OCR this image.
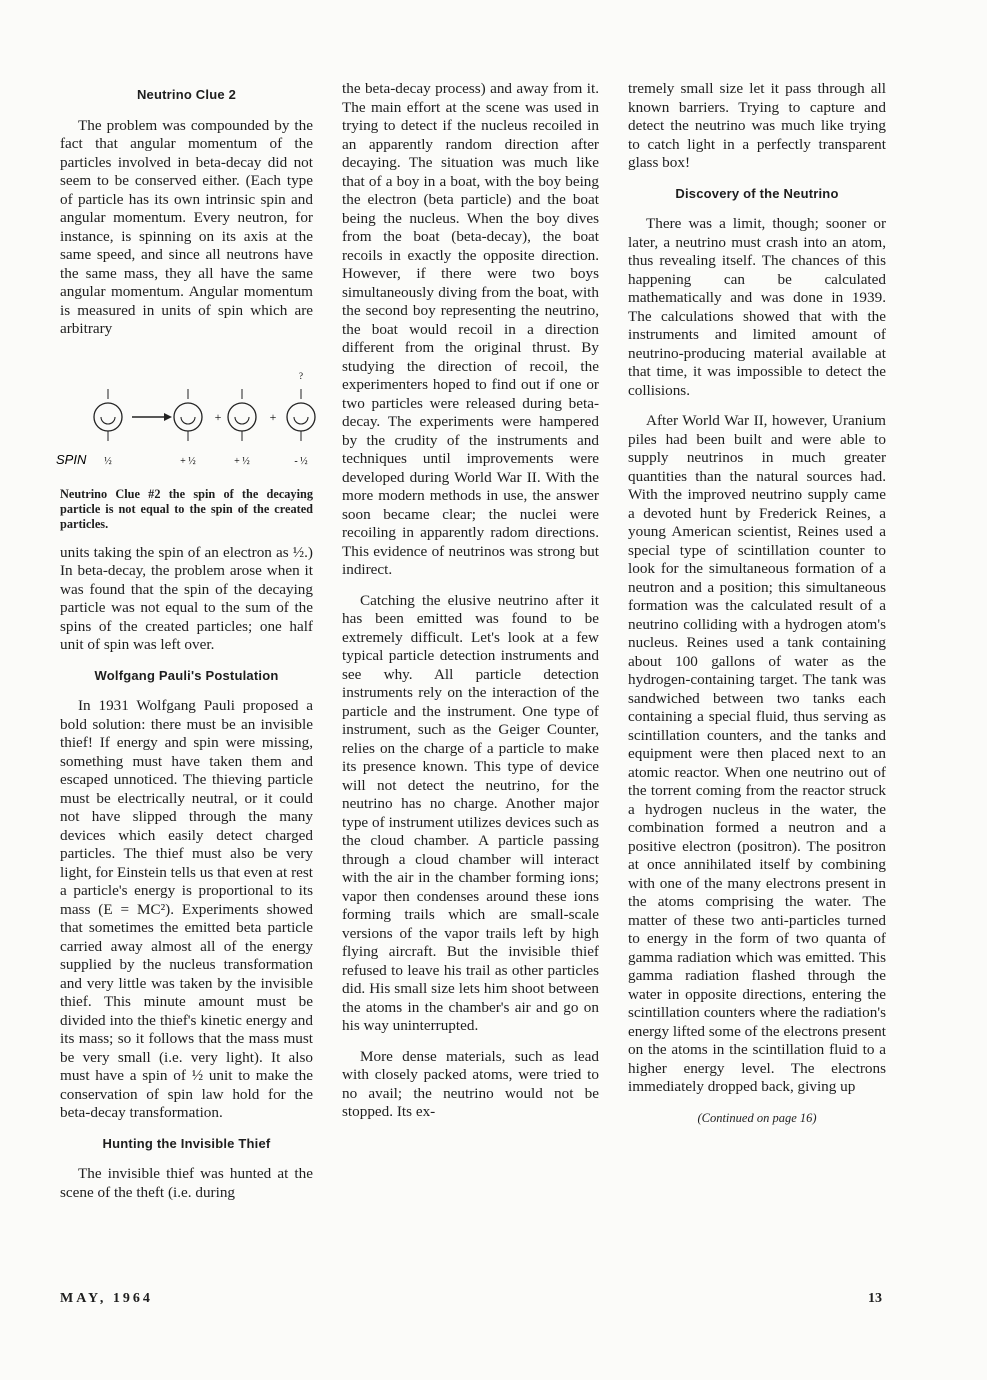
Neutrino Clue 2

The problem was compounded by the fact that angular momentum of the particles involved in beta-decay did not seem to be conserved either. (Each type of particle has its own intrinsic spin and angular momentum. Every neutron, for instance, is spinning on its axis at the same speed, and since all neutrons have the same mass, they all have the same angular momentum. Angular momentum is measured in units of spin which are arbitrary

+	+
?
SPIN ½	+ ½	+ ½	- ½

Neutrino Clue #2 the spin of the decaying particle is not equal to the spin of the created particles.

units taking the spin of an electron as ½.) In beta-decay, the problem arose when it was found that the spin of the decaying particle was not equal to the sum of the spins of the created particles; one half unit of spin was left over.

Wolfgang Pauli's Postulation

In 1931 Wolfgang Pauli proposed a bold solution: there must be an invisible thief! If energy and spin were missing, something must have taken them and escaped unnoticed. The thieving particle must be electrically neutral, or it could not have slipped through the many devices which easily detect charged particles. The thief must also be very light, for Einstein tells us that even at rest a particle's energy is proportional to its mass (E = MC²). Experiments showed that sometimes the emitted beta particle carried away almost all of the energy supplied by the nucleus transformation and very little was taken by the invisible thief. This minute amount must be divided into the thief's kinetic energy and its mass; so it follows that the mass must be very small (i.e. very light). It also must have a spin of ½ unit to make the conservation of spin law hold for the beta-decay transformation.

Hunting the Invisible Thief

The invisible thief was hunted at the scene of the theft (i.e. during

the beta-decay process) and away from it. The main effort at the scene was used in trying to detect if the nucleus recoiled in an apparently random direction after decaying. The situation was much like that of a boy in a boat, with the boy being the electron (beta particle) and the boat being the nucleus. When the boy dives from the boat (beta-decay), the boat recoils in exactly the opposite direction. However, if there were two boys simultaneously diving from the boat, with the second boy representing the neutrino, the boat would recoil in a direction different from the original thrust. By studying the direction of recoil, the experimenters hoped to find out if one or two particles were released during beta-decay. The experiments were hampered by the crudity of the instruments and techniques until improvements were developed during World War II. With the more modern methods in use, the answer soon became clear; the nuclei were recoiling in apparently radom directions. This evidence of neutrinos was strong but indirect.

Catching the elusive neutrino after it has been emitted was found to be extremely difficult. Let's look at a few typical particle detection instruments and see why. All particle detection instruments rely on the interaction of the particle and the instrument. One type of instrument, such as the Geiger Counter, relies on the charge of a particle to make its presence known. This type of device will not detect the neutrino, for the neutrino has no charge. Another major type of instrument utilizes devices such as the cloud chamber. A particle passing through a cloud chamber will interact with the air in the chamber forming ions; vapor then condenses around these ions forming trails which are small-scale versions of the vapor trails left by high flying aircraft. But the invisible thief refused to leave his trail as other particles did. His small size lets him shoot between the atoms in the chamber's air and go on his way uninterrupted.

More dense materials, such as lead with closely packed atoms, were tried to no avail; the neutrino would not be stopped. Its ex-

tremely small size let it pass through all known barriers. Trying to capture and detect the neutrino was much like trying to catch light in a perfectly transparent glass box!

Discovery of the Neutrino

There was a limit, though; sooner or later, a neutrino must crash into an atom, thus revealing itself. The chances of this happening can be calculated mathematically and was done in 1939. The calculations showed that with the instruments and limited amount of neutrino-producing material available at that time, it was impossible to detect the collisions.

After World War II, however, Uranium piles had been built and were able to supply neutrinos in much greater quantities than the natural sources had. With the improved neutrino supply came a devoted hunt by Frederick Reines, a young American scientist, Reines used a special type of scintillation counter to look for the simultaneous formation of a neutron and a position; this simultaneous formation was the calculated result of a neutrino colliding with a hydrogen atom's nucleus. Reines used a tank containing about 100 gallons of water as the hydrogen-containing target. The tank was sandwiched between two tanks each containing a special fluid, thus serving as scintillation counters, and the tanks and equipment were then placed next to an atomic reactor. When one neutrino out of the torrent coming from the reactor struck a hydrogen nucleus in the water, the combination formed a neutron and a positive electron (positron). The positron at once annihilated itself by combining with one of the many electrons present in the atoms comprising the water. The matter of these two anti-particles turned to energy in the form of two quanta of gamma radiation which was emitted. This gamma radiation flashed through the water in opposite directions, entering the scintillation counters where the radiation's energy lifted some of the electrons present on the atoms in the scintillation fluid to a higher energy level. The electrons immediately dropped back, giving up

(Continued on page 16)
MAY, 1964	13
